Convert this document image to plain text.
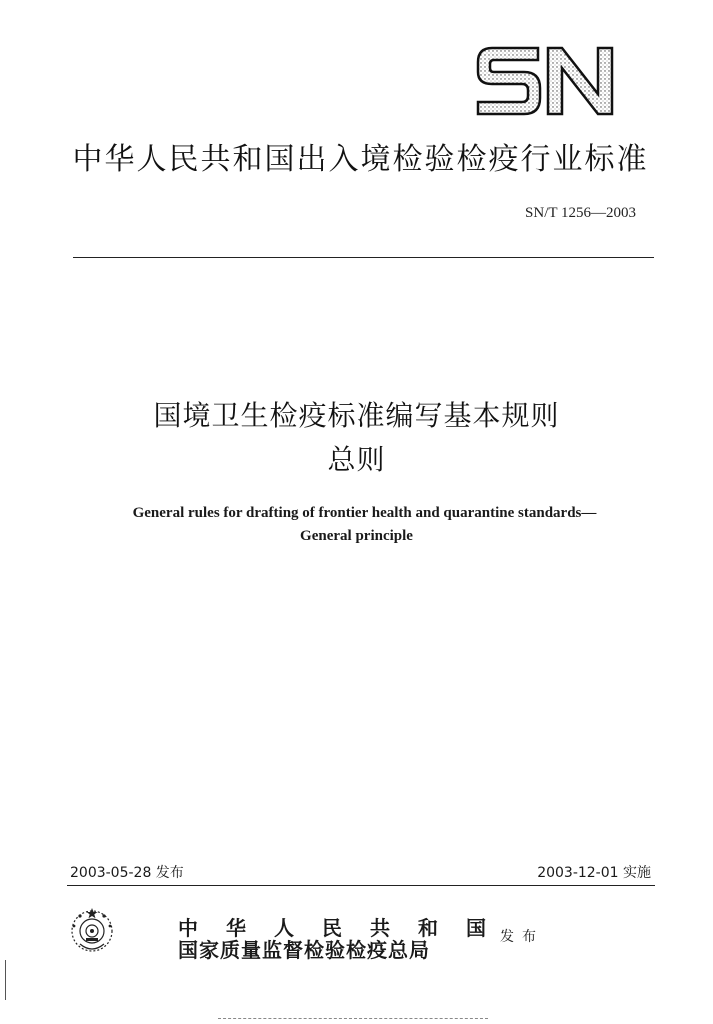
中华人民共和国出入境检验检疫行业标准
SN/T 1256—2003
国境卫生检疫标准编写基本规则
总则
General rules for drafting of frontier health and quarantine standards—
General principle
2003-05-28 发布	2003-12-01 实施
中华人民共和国
国家质量监督检验检疫总局
发布
